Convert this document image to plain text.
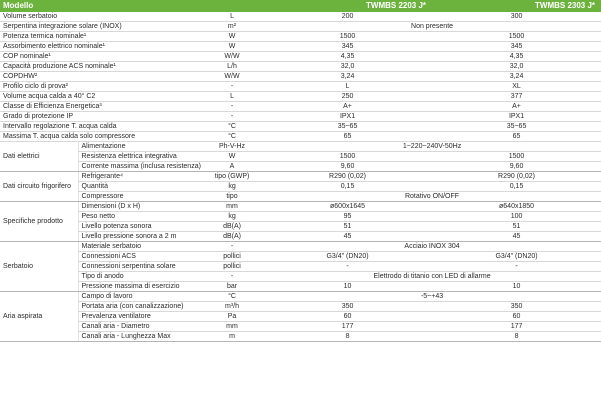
Modello			TWMBS 2203 J*	TWMBS 2303 J*
Volume serbatoio		L	200	300
Serpentina integrazione solare (INOX)		m²	Non presente	
Potenza termica nominale¹		W	1500	1500
Assorbimento elettrico nominale¹		W	345	345
COP nominale¹		W/W	4,35	4,35
Capacità produzione ACS nominale¹		L/h	32,0	32,0
COPDHW²		W/W	3,24	3,24
Profilo ciclo di prova²		-	L	XL
Volume acqua calda a 40° C2		L	250	377
Classe di Efficienza Energetica³		-	A+	A+
Grado di protezione IP		-	IPX1	IPX1
Intervallo regolazione T. acqua calda		°C	35~65	35~65
Massima T. acqua calda solo compressore		°C	65	65
Dati elettrici	Alimentazione	Ph-V-Hz	1~220~240V-50Hz	
	Resistenza elettrica integrativa	W	1500	1500
	Corrente massima (inclusa resistenza)	A	9,60	9,60
Dati circuito frigorifero	Refrigerante⁴	tipo (GWP)	R290 (0,02)	R290 (0,02)
	Quantità	kg	0,15	0,15
	Compressore	tipo	Rotativo ON/OFF	
Specifiche prodotto	Dimensioni (D x H)	mm	ø600x1645	ø640x1850
	Peso netto	kg	95	100
	Livello potenza sonora	dB(A)	51	51
	Livello pressione sonora a 2 m	dB(A)	45	45
Serbatoio	Materiale serbatoio	-	Acciaio INOX 304	
	Connessioni ACS	pollici	G3/4" (DN20)	G3/4" (DN20)
	Connessioni serpentina solare	pollici	-	-
	Tipo di anodo	-	Elettrodo di titanio con LED di allarme	
	Pressione massima di esercizio	bar	10	10
Aria aspirata	Campo di lavoro	°C	-5~+43	
	Portata aria (con canalizzazione)	m³/h	350	350
	Prevalenza ventilatore	Pa	60	60
	Canali aria - Diametro	mm	177	177
	Canali aria - Lunghezza Max	m	8	8
